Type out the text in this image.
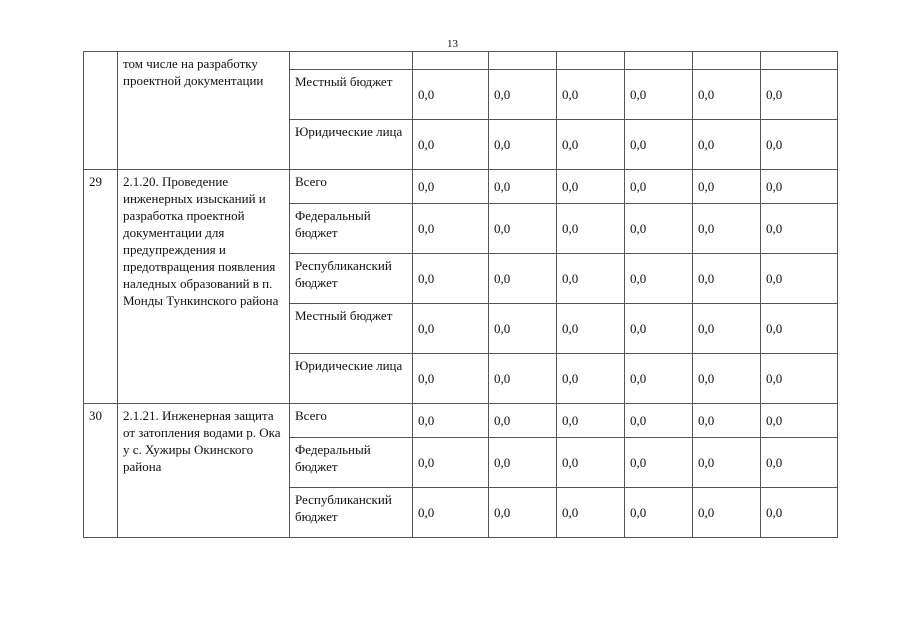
13
	том числе на разработку проектной документации							
		Местный бюджет	0,0	0,0	0,0	0,0	0,0	0,0
		Юридические лица	0,0	0,0	0,0	0,0	0,0	0,0
29	2.1.20. Проведение инженерных изысканий и разработка проектной документации для предупреждения и предотвращения появления наледных образований в п. Монды Тункинского района	Всего	0,0	0,0	0,0	0,0	0,0	0,0
		Федеральный бюджет	0,0	0,0	0,0	0,0	0,0	0,0
		Республиканский бюджет	0,0	0,0	0,0	0,0	0,0	0,0
		Местный бюджет	0,0	0,0	0,0	0,0	0,0	0,0
		Юридические лица	0,0	0,0	0,0	0,0	0,0	0,0
30	2.1.21. Инженерная защита от затопления водами р. Ока у с. Хужиры Окинского района	Всего	0,0	0,0	0,0	0,0	0,0	0,0
		Федеральный бюджет	0,0	0,0	0,0	0,0	0,0	0,0
		Республиканский бюджет	0,0	0,0	0,0	0,0	0,0	0,0
